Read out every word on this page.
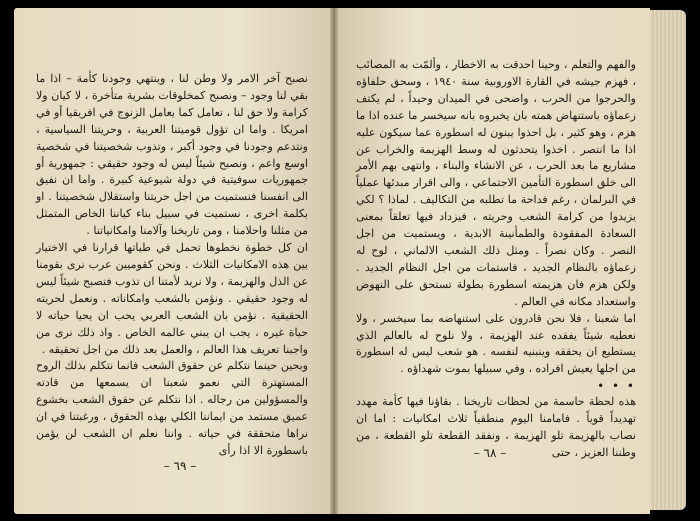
نصبح آخر الامر ولا وطن لنا ، وينتهي وجودنا كأمة – اذا ما بقي لنا وجود – ونصبح كمخلوقات بشرية متأخرة ، لا كيان ولا كرامة ولا حق لنا ، تعامل كما يعامل الزنوج في افريقيا أو في امريكا . واما ان تؤول قوميتنا العربية ، وحريتنا السياسية ، ونتدعم وجودنا في وجود أكبر ، وتذوب شخصيتنا في شخصية اوسع واعم ، ونصبح شيئاً ليس له وجود حقيقي : جمهورية أو جمهوريات سوفيتية في دولة شيوعية كبيرة . واما ان نفيق الى انفسنا فنستميت من اجل حريتنا واستقلال شخصيتنا . او بكلمة اخرى ، نستميت في سبيل بناء كياننا الخاص المتمثل من مثلنا واحلامنا ، ومن تاريخنا وآلامنا وامكانياتنا .

ان كل خطوة نخطوها تحمل في طياتها قرارنا في الاختيار بين هذه الامكانيات الثلاث . ونحن كقوميين عرب نرى بقومنا عن الذل والهزيمة ، ولا نريد لأمتنا ان تذوب فتصبح شيئاً ليس له وجود حقيقي . ونؤمن بالشعب وامكاناته . ونعمل لحريته الحقيقية . نؤمن بان الشعب العربي يحب ان يحيا حياته لا حياة غيره ، يجب ان يبني عالمه الخاص . واذ ذلك نرى من واجبنا تعريف هذا العالم ، والعمل بعد ذلك من اجل تحقيقه .

وبحين حينما نتكلم عن حقوق الشعب فانما نتكلم بذلك الروح المستهترة التي نعمو شعبنا ان يسمعها من قادته والمسؤولين من رجاله . اذا نتكلم عن حقوق الشعب بخشوع عميق مستمد من ايماننا الكلي بهذه الحقوق ، ورغبتنا في ان نراها متحققة في حياته . واننا نعلم ان الشعب لن يؤمن باسطورة الا اذا رأى

– ٦٩ –

والفهم والتعلم ، وحينا احدقت به الاخطار ، وألمّت به المصائب ، فهزم جيشه في القارة الاوروبية سنة ١٩٤٠ ، وسحق حلفاؤه والحرجوا من الحرب ، واضحى في الميدان وحيداً ، لم يكتف زعماؤه باستنهاض همته بان يخبروه بانه سيخسر ما عنده اذا ما هزم ، وهو كثير ، بل احذوا يبنون له اسطورة عما سيكون عليه اذا ما انتصر . اخذوا يتحدثون له وسط الهزيمة والخراب عن مشاريع ما بعد الحرب ، عن الانشاء والبناء ، وانتهى بهم الأمر الى خلق اسطورة التأمين الاجتماعي ، والى اقرار مبدئها عملياً في البرلمان ، رغم فداحة ما تطلبه من التكاليف . لماذا ؟ لكي يزيدوا من كرامة الشعب وحريته ، فيزداد فيها تعلقاً بمعنى السعادة المفقودة والطمأنينة الابدية ، ويستميت من اجل النصر . وكان نصراً . ومثل ذلك الشعب الالماني ، لوح له زعماؤه بالنظام الجديد ، فاستمات من اجل النظام الجديد . ولكن هزم فان هزيمته اسطورة بطولة تستحق على النهوض واستعداد مكانه في العالم .

اما شعبنا ، فلا نحن قادرون على استنهاضه بما سيخسر ، ولا نعطيه شيئاً يفقده عند الهزيمة ، ولا نلوح له بالعالم الذي يستطيع ان يحققه وينبنيه لنفسه . هو شعب ليس له اسطورة من اجلها يعيش افراده ، وفي سبيلها يموت شهداؤه .

• • •

هذه لحظة حاسمة من لحظات تاريخنا . بقاؤنا فيها كأمة مهدد تهديداً قوياً . فامامنا اليوم منطقياً ثلاث امكانيات : اما ان نصاب بالهزيمة تلو الهزيمة ، ونفقد القطعة تلو القطعة ، من وطننا العزيز ، حتى

– ٦٨ –
